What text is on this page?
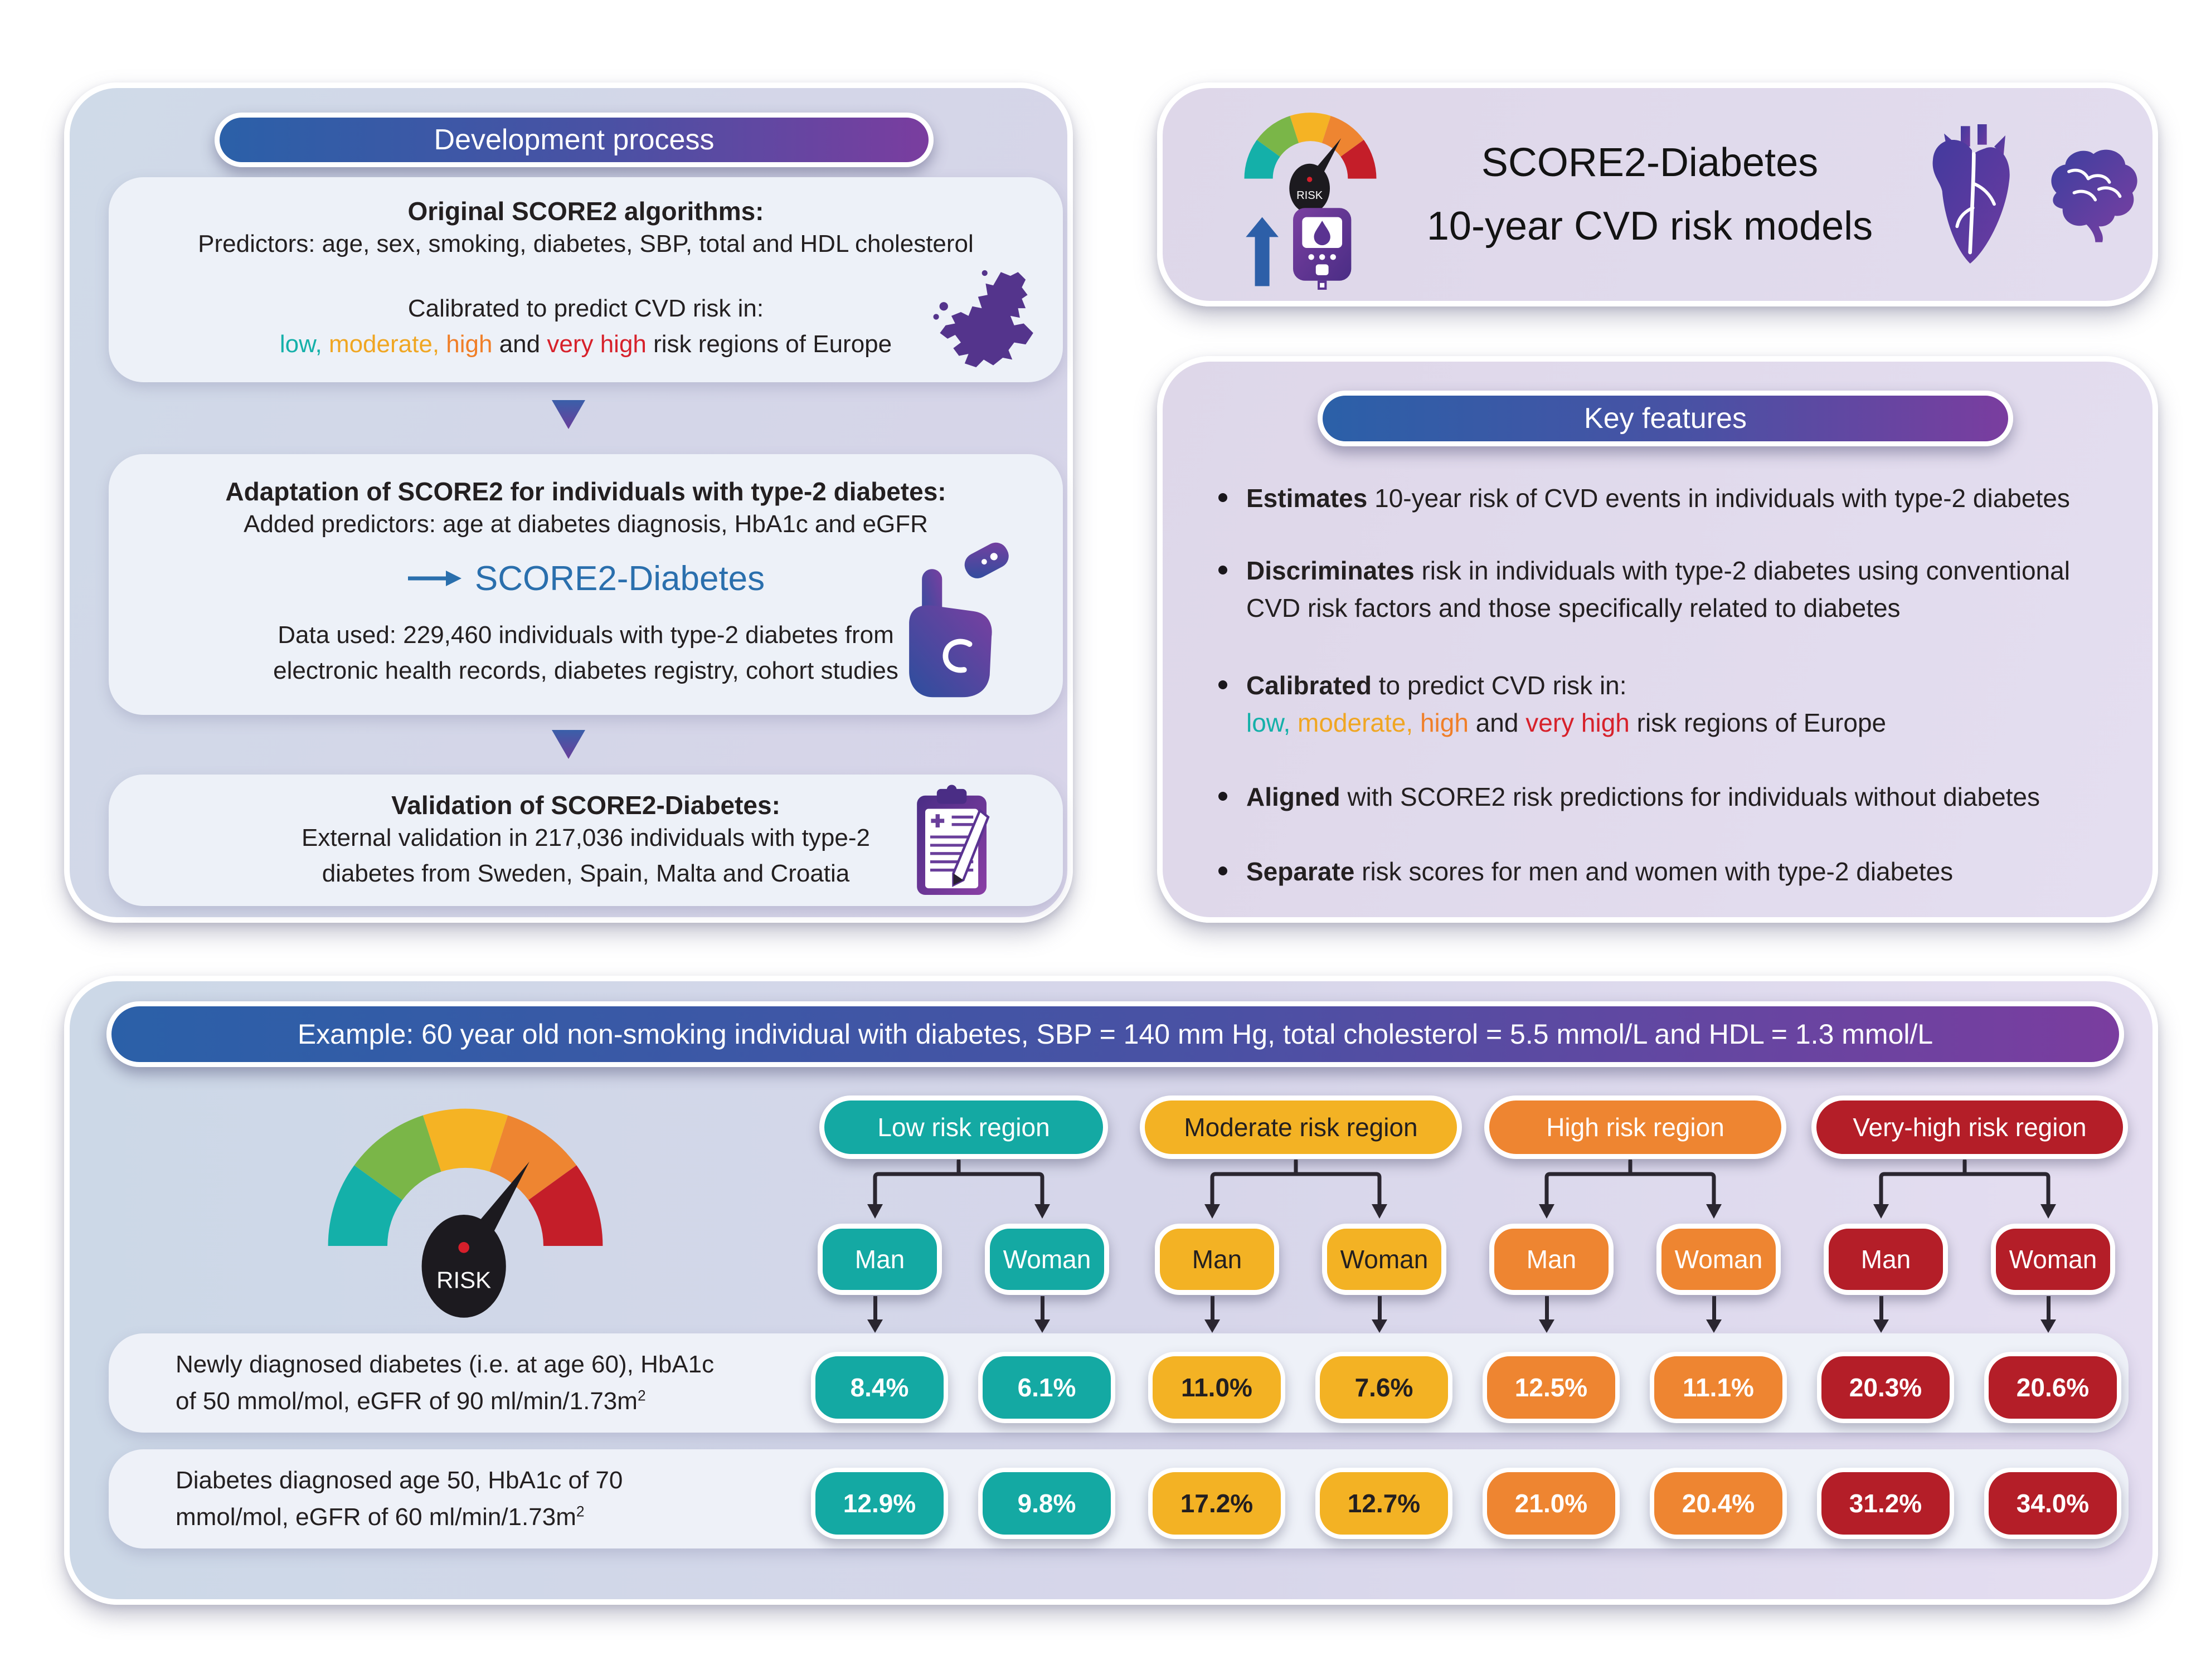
Development process
Original SCORE2 algorithms:
Predictors: age, sex, smoking, diabetes, SBP, total and HDL cholesterol
Calibrated to predict CVD risk in:
low, moderate, high and very high risk regions of Europe
Adaptation of SCORE2 for individuals with type-2 diabetes:
Added predictors: age at diabetes diagnosis, HbA1c and eGFR
SCORE2-Diabetes
Data used: 229,460 individuals with type-2 diabetes from
electronic health records, diabetes registry, cohort studies
Validation of SCORE2-Diabetes:
External validation in 217,036 individuals with type-2
diabetes from Sweden, Spain, Malta and Croatia
RISK
SCORE2-Diabetes
10-year CVD risk models
Key features
Estimates 10-year risk of CVD events in individuals with type-2 diabetes
Discriminates risk in individuals with type-2 diabetes using conventional
CVD risk factors and those specifically related to diabetes
Calibrated to predict CVD risk in:
low, moderate, high and very high risk regions of Europe
Aligned with SCORE2 risk predictions for individuals without diabetes
Separate risk scores for men and women with type-2 diabetes
Example: 60 year old non-smoking individual with diabetes, SBP = 140 mm Hg, total cholesterol = 5.5 mmol/L and HDL = 1.3 mmol/L
RISK
Low risk region	Moderate risk region	High risk region	Very-high risk region
Man	Woman	Man	Woman	Man	Woman	Man	Woman
Newly diagnosed diabetes (i.e. at age 60), HbA1c
of 50 mmol/mol, eGFR of 90 $ml/\min/1.73m^2$	8.4%	6.1%	11.0%	7.6%	12.5%	11.1%	20.3%	20.6%
Diabetes diagnosed age 50, HbA1c of 70
mmol/mol, eGFR of 60 $ml/\min/1.73m^2$	12.9%	9.8%	17.2%	12.7%	21.0%	20.4%	31.2%	34.0%
